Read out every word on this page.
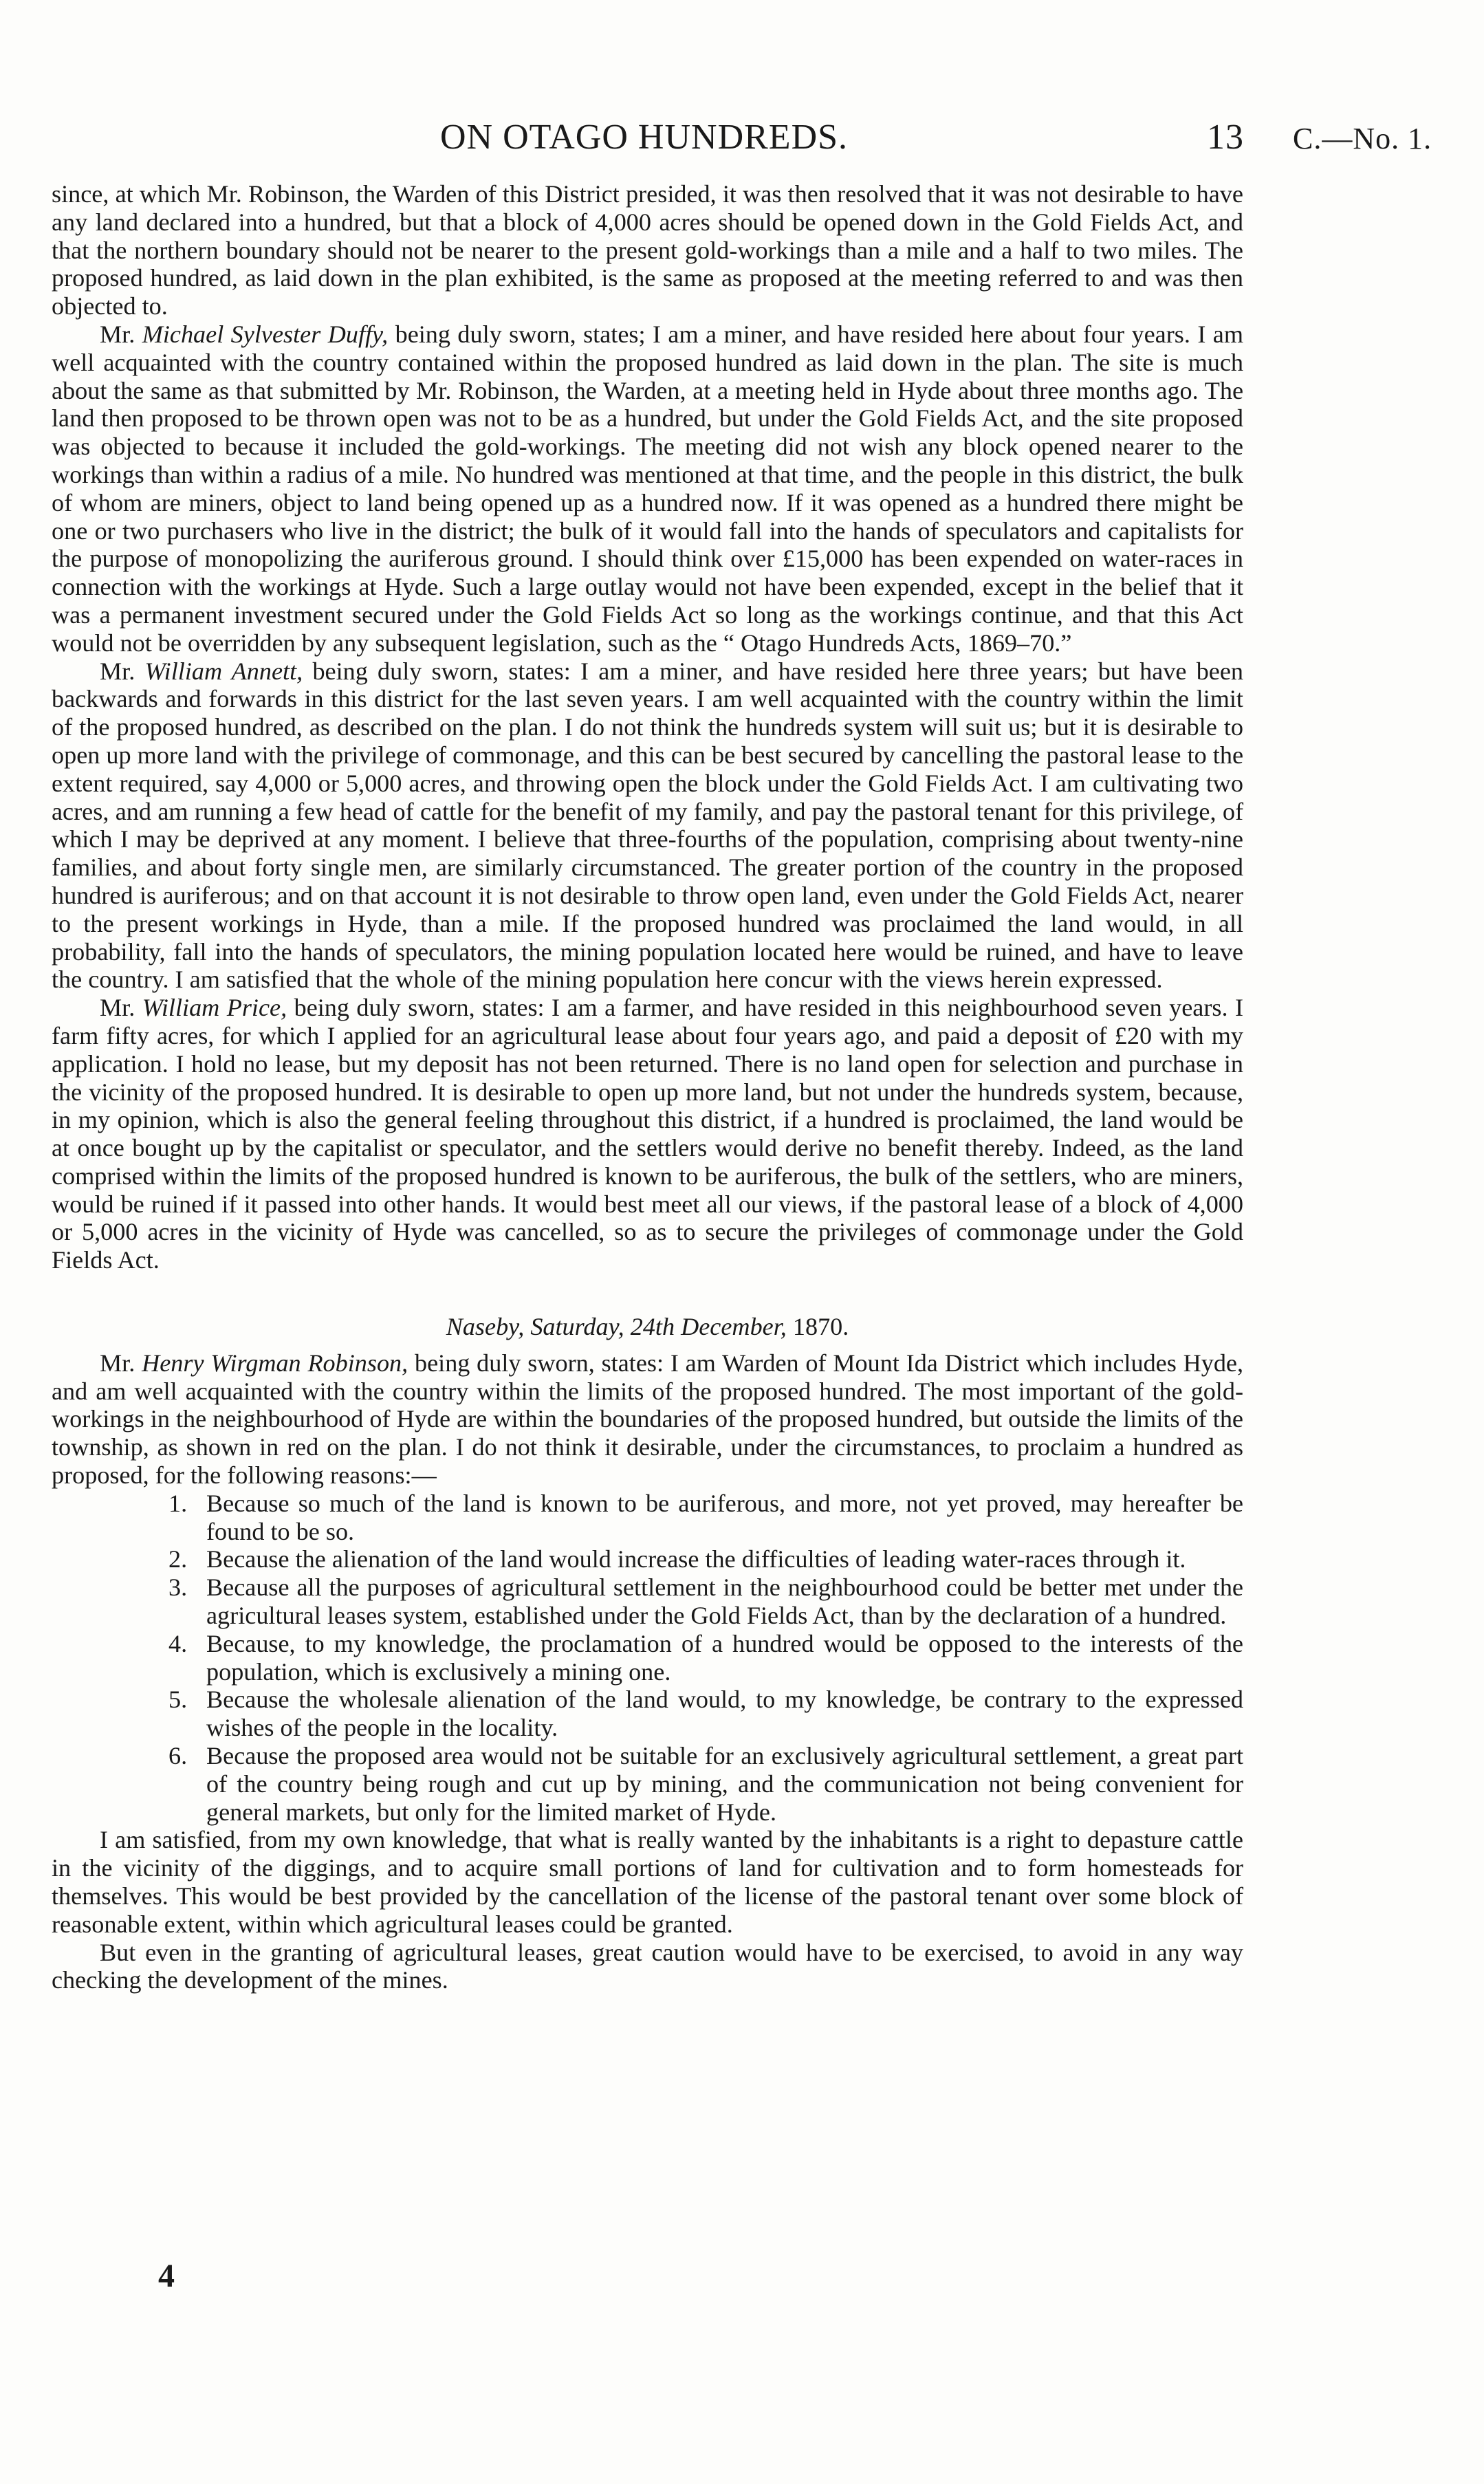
ON OTAGO HUNDREDS.	13 C.—No. 1.

since, at which Mr. Robinson, the Warden of this District presided, it was then resolved that it was not desirable to have any land declared into a hundred, but that a block of 4,000 acres should be opened down in the Gold Fields Act, and that the northern boundary should not be nearer to the present gold-workings than a mile and a half to two miles. The proposed hundred, as laid down in the plan exhibited, is the same as proposed at the meeting referred to and was then objected to.

Mr. Michael Sylvester Duffy, being duly sworn, states; I am a miner, and have resided here about four years. I am well acquainted with the country contained within the proposed hundred as laid down in the plan. The site is much about the same as that submitted by Mr. Robinson, the Warden, at a meeting held in Hyde about three months ago. The land then proposed to be thrown open was not to be as a hundred, but under the Gold Fields Act, and the site proposed was objected to because it included the gold-workings. The meeting did not wish any block opened nearer to the workings than within a radius of a mile. No hundred was mentioned at that time, and the people in this district, the bulk of whom are miners, object to land being opened up as a hundred now. If it was opened as a hundred there might be one or two purchasers who live in the district; the bulk of it would fall into the hands of speculators and capitalists for the purpose of monopolizing the auriferous ground. I should think over £15,000 has been expended on water-races in connection with the workings at Hyde. Such a large outlay would not have been expended, except in the belief that it was a permanent investment secured under the Gold Fields Act so long as the workings continue, and that this Act would not be overridden by any subsequent legislation, such as the “ Otago Hundreds Acts, 1869–70.”

Mr. William Annett, being duly sworn, states: I am a miner, and have resided here three years; but have been backwards and forwards in this district for the last seven years. I am well acquainted with the country within the limit of the proposed hundred, as described on the plan. I do not think the hundreds system will suit us; but it is desirable to open up more land with the privilege of commonage, and this can be best secured by cancelling the pastoral lease to the extent required, say 4,000 or 5,000 acres, and throwing open the block under the Gold Fields Act. I am cultivating two acres, and am running a few head of cattle for the benefit of my family, and pay the pastoral tenant for this privilege, of which I may be deprived at any moment. I believe that three-fourths of the population, comprising about twenty-nine families, and about forty single men, are similarly circumstanced. The greater portion of the country in the proposed hundred is auriferous; and on that account it is not desirable to throw open land, even under the Gold Fields Act, nearer to the present workings in Hyde, than a mile. If the proposed hundred was proclaimed the land would, in all probability, fall into the hands of speculators, the mining population located here would be ruined, and have to leave the country. I am satisfied that the whole of the mining population here concur with the views herein expressed.

Mr. William Price, being duly sworn, states: I am a farmer, and have resided in this neighbourhood seven years. I farm fifty acres, for which I applied for an agricultural lease about four years ago, and paid a deposit of £20 with my application. I hold no lease, but my deposit has not been returned. There is no land open for selection and purchase in the vicinity of the proposed hundred. It is desirable to open up more land, but not under the hundreds system, because, in my opinion, which is also the general feeling throughout this district, if a hundred is proclaimed, the land would be at once bought up by the capitalist or speculator, and the settlers would derive no benefit thereby. Indeed, as the land comprised within the limits of the proposed hundred is known to be auriferous, the bulk of the settlers, who are miners, would be ruined if it passed into other hands. It would best meet all our views, if the pastoral lease of a block of 4,000 or 5,000 acres in the vicinity of Hyde was cancelled, so as to secure the privileges of commonage under the Gold Fields Act.

Naseby, Saturday, 24th December, 1870.

Mr. Henry Wirgman Robinson, being duly sworn, states: I am Warden of Mount Ida District which includes Hyde, and am well acquainted with the country within the limits of the proposed hundred. The most important of the gold-workings in the neighbourhood of Hyde are within the boundaries of the proposed hundred, but outside the limits of the township, as shown in red on the plan. I do not think it desirable, under the circumstances, to proclaim a hundred as proposed, for the following reasons:—

1. Because so much of the land is known to be auriferous, and more, not yet proved, may hereafter be found to be so.
2. Because the alienation of the land would increase the difficulties of leading water-races through it.
3. Because all the purposes of agricultural settlement in the neighbourhood could be better met under the agricultural leases system, established under the Gold Fields Act, than by the declaration of a hundred.
4. Because, to my knowledge, the proclamation of a hundred would be opposed to the interests of the population, which is exclusively a mining one.
5. Because the wholesale alienation of the land would, to my knowledge, be contrary to the expressed wishes of the people in the locality.
6. Because the proposed area would not be suitable for an exclusively agricultural settlement, a great part of the country being rough and cut up by mining, and the communication not being convenient for general markets, but only for the limited market of Hyde.

I am satisfied, from my own knowledge, that what is really wanted by the inhabitants is a right to depasture cattle in the vicinity of the diggings, and to acquire small portions of land for cultivation and to form homesteads for themselves. This would be best provided by the cancellation of the license of the pastoral tenant over some block of reasonable extent, within which agricultural leases could be granted.

But even in the granting of agricultural leases, great caution would have to be exercised, to avoid in any way checking the development of the mines.

4
